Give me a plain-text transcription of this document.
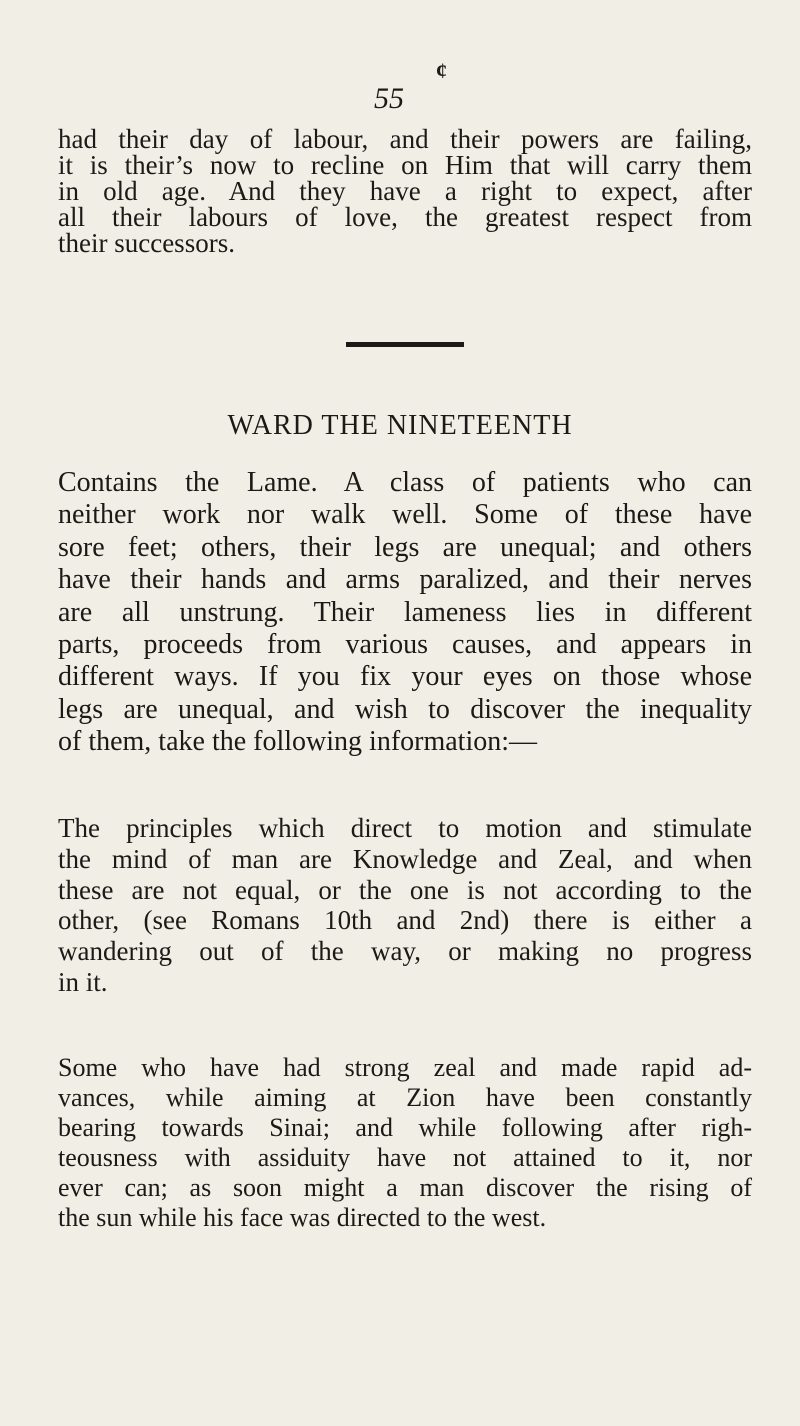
¢
55

had their day of labour, and their powers are failing,
it is their’s now to recline on Him that will carry them
in old age. And they have a right to expect, after
all their labours of love, the greatest respect from
their successors.

WARD THE NINETEENTH

Contains the Lame. A class of patients who can
neither work nor walk well. Some of these have
sore feet; others, their legs are unequal; and others
have their hands and arms paralized, and their nerves
are all unstrung. Their lameness lies in different
parts, proceeds from various causes, and appears in
different ways. If you fix your eyes on those whose
legs are unequal, and wish to discover the inequality
of them, take the following information:—

The principles which direct to motion and stimulate
the mind of man are Knowledge and Zeal, and when
these are not equal, or the one is not according to the
other, (see Romans 10th and 2nd) there is either a
wandering out of the way, or making no progress
in it.

Some who have had strong zeal and made rapid ad-
vances, while aiming at Zion have been constantly
bearing towards Sinai; and while following after righ-
teousness with assiduity have not attained to it, nor
ever can; as soon might a man discover the rising of
the sun while his face was directed to the west.
